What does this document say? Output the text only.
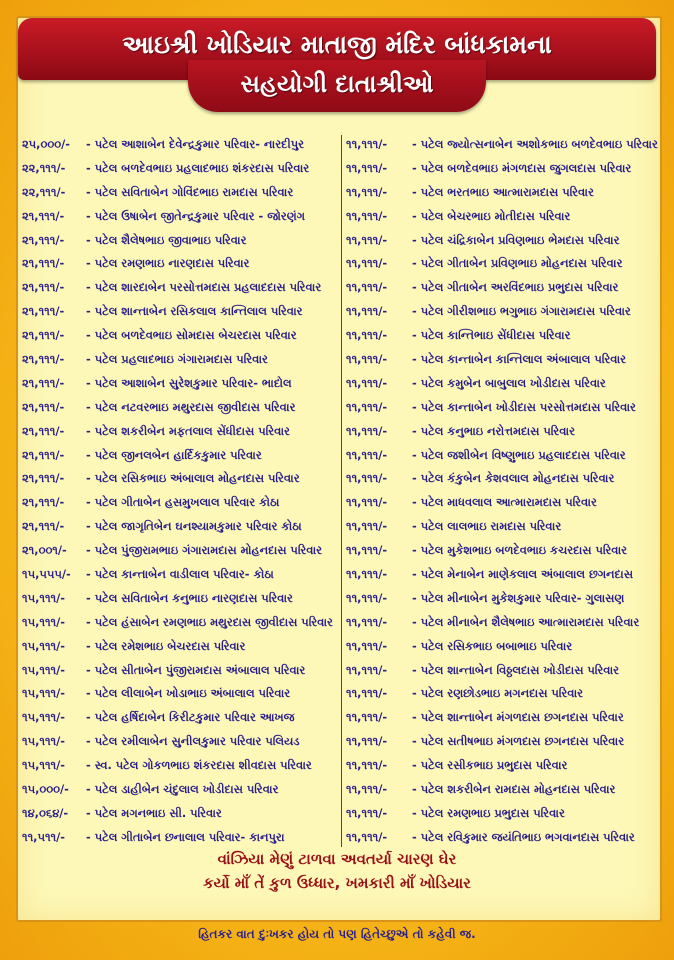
આઇશ્રી ખોડિયાર માતાજી મંદિર બાંધકામના
સહયોગી દાતાશ્રીઓ
૨૫,૦૦૦/- - પટેલ આશાબેન દેવેન્દ્રકુમાર પરિવાર- નારદીપુર
૨૨,૧૧૧/- - પટેલ બળદેવભાઇ પ્રહલાદભાઇ શંકરદાસ પરિવાર
૨૨,૧૧૧/- - પટેલ સવિતાબેન ગોવિંદભાઇ રામદાસ પરિવાર
૨૧,૧૧૧/- - પટેલ ઉષાબેન જીતેન્દ્રકુમાર પરિવાર - જોરણંગ
૨૧,૧૧૧/- - પટેલ શૈલેષભાઇ જીવાભાઇ પરિવાર
૨૧,૧૧૧/- - પટેલ રમણભાઇ નારણદાસ પરિવાર
૨૧,૧૧૧/- - પટેલ શારદાબેન પરસોત્તમદાસ પ્રહલાદદાસ પરિવાર
૨૧,૧૧૧/- - પટેલ શાન્તાબેન રસિકલાલ કાન્તિલાલ પરિવાર
૨૧,૧૧૧/- - પટેલ બળદેવભાઇ સોમદાસ બેચરદાસ પરિવાર
૨૧,૧૧૧/- - પટેલ પ્રહલાદભાઇ ગંગારામદાસ પરિવાર
૨૧,૧૧૧/- - પટેલ આશાબેન સુરેશકુમાર પરિવાર- ભાદોલ
૨૧,૧૧૧/- - પટેલ નટવરભાઇ મથુરદાસ જીવીદાસ પરિવાર
૨૧,૧૧૧/- - પટેલ શકરીબેન મફતલાલ સેંધીદાસ પરિવાર
૨૧,૧૧૧/- - પટેલ જીનલબેન હાર્દિકકુમાર પરિવાર
૨૧,૧૧૧/- - પટેલ રસિકભાઇ અંબાલાલ મોહનદાસ પરિવાર
૨૧,૧૧૧/- - પટેલ ગીતાબેન હસમુખલાલ પરિવાર કોઠા
૨૧,૧૧૧/- - પટેલ જાગૃતિબેન ઘનશ્યામકુમાર પરિવાર કોઠા
૨૧,૦૦૧/- - પટેલ પુંજીરામભાઇ ગંગારામદાસ મોહનદાસ પરિવાર
૧૫,૫૫૫/- - પટેલ કાન્તાબેન વાડીલાલ પરિવાર- કોઠા
૧૫,૧૧૧/- - પટેલ સવિતાબેન કનુભાઇ નારણદાસ પરિવાર
૧૫,૧૧૧/- - પટેલ હંસાબેન રમણભાઇ મથુરદાસ જીવીદાસ પરિવાર
૧૫,૧૧૧/- - પટેલ રમેશભાઇ બેચરદાસ પરિવાર
૧૫,૧૧૧/- - પટેલ સીતાબેન પુંજીરામદાસ અંબાલાલ પરિવાર
૧૫,૧૧૧/- - પટેલ લીલાબેન ખોડાભાઇ અંબાલાલ પરિવાર
૧૫,૧૧૧/- - પટેલ હર્ષિદાબેન કિરીટકુમાર પરિવાર આખજ
૧૫,૧૧૧/- - પટેલ રમીલાબેન સુનીલકુમાર પરિવાર પલિયડ
૧૫,૧૧૧/- - સ્વ. પટેલ ગોકળભાઇ શંકરદાસ શીવદાસ પરિવાર
૧૫,૦૦૦/- - પટેલ ડાહીબેન ચંદુલાલ ખોડીદાસ પરિવાર
૧૪,૦૬૪/- - પટેલ મગનભાઇ સી. પરિવાર
૧૧,૫૧૧/- - પટેલ ગીતાબેન છનાલાલ પરિવાર- કાનપુરા
૧૧,૧૧૧/- - પટેલ જ્યોત્સનાબેન અશોકભાઇ બળદેવભાઇ પરિવાર
૧૧,૧૧૧/- - પટેલ બળદેવભાઇ મંગળદાસ જુગલદાસ પરિવાર
૧૧,૧૧૧/- - પટેલ ભરતભાઇ આત્મારામદાસ પરિવાર
૧૧,૧૧૧/- - પટેલ બેચરભાઇ મોતીદાસ પરિવાર
૧૧,૧૧૧/- - પટેલ ચંદ્રિકાબેન પ્રવિણભાઇ ભેમદાસ પરિવાર
૧૧,૧૧૧/- - પટેલ ગીતાબેન પ્રવિણભાઇ મોહનદાસ પરિવાર
૧૧,૧૧૧/- - પટેલ ગીતાબેન અરવિંદભાઇ પ્રભુદાસ પરિવાર
૧૧,૧૧૧/- - પટેલ ગીરીશભાઇ ભગુભાઇ ગંગારામદાસ પરિવાર
૧૧,૧૧૧/- - પટેલ કાન્તિભાઇ સેંધીદાસ પરિવાર
૧૧,૧૧૧/- - પટેલ કાન્તાબેન કાન્તિલાલ અંબાલાલ પરિવાર
૧૧,૧૧૧/- - પટેલ કમુબેન બાબુલાલ ખોડીદાસ પરિવાર
૧૧,૧૧૧/- - પટેલ કાન્તાબેન ખોડીદાસ પરસોત્તમદાસ પરિવાર
૧૧,૧૧૧/- - પટેલ કનુભાઇ નરોત્તમદાસ પરિવાર
૧૧,૧૧૧/- - પટેલ જશીબેન વિષ્ણુભાઇ પ્રહલાદદાસ પરિવાર
૧૧,૧૧૧/- - પટેલ કંકુબેન કેશવલાલ મોહનદાસ પરિવાર
૧૧,૧૧૧/- - પટેલ માધવલાલ આત્મારામદાસ પરિવાર
૧૧,૧૧૧/- - પટેલ લાલભાઇ રામદાસ પરિવાર
૧૧,૧૧૧/- - પટેલ મુકેશભાઇ બળદેવભાઇ કચરદાસ પરિવાર
૧૧,૧૧૧/- - પટેલ મેનાબેન માણેકલાલ અંબાલાલ છગનદાસ
૧૧,૧૧૧/- - પટેલ મીનાબેન મુકેશકુમાર પરિવાર- ગુલાસણ
૧૧,૧૧૧/- - પટેલ મીનાબેન શૈલેષભાઇ આત્મારામદાસ પરિવાર
૧૧,૧૧૧/- - પટેલ રસિકભાઇ બબાભાઇ પરિવાર
૧૧,૧૧૧/- - પટેલ શાન્તાબેન વિઠ્ઠલદાસ ખોડીદાસ પરિવાર
૧૧,૧૧૧/- - પટેલ રણછોડભાઇ મગનદાસ પરિવાર
૧૧,૧૧૧/- - પટેલ શાન્તાબેન મંગળદાસ છગનદાસ પરિવાર
૧૧,૧૧૧/- - પટેલ સતીષભાઇ મંગળદાસ છગનદાસ પરિવાર
૧૧,૧૧૧/- - પટેલ રસીકભાઇ પ્રભુદાસ પરિવાર
૧૧,૧૧૧/- - પટેલ શકરીબેન રામદાસ મોહનદાસ પરિવાર
૧૧,૧૧૧/- - પટેલ રમણભાઇ પ્રભુદાસ પરિવાર
૧૧,૧૧૧/- - પટેલ રવિકુમાર જયંતિભાઇ ભગવાનદાસ પરિવાર
વાંઝિયા મેણું ટાળવા અવતર્યા ચારણ ઘેર
કર્યો માઁ તેં કુળ ઉધ્ધાર, ખમકારી માઁ ખોડિયાર
હિતકર વાત દુઃખકર હોય તો પણ હિતેચ્છુએ તો કહેવી જ.
